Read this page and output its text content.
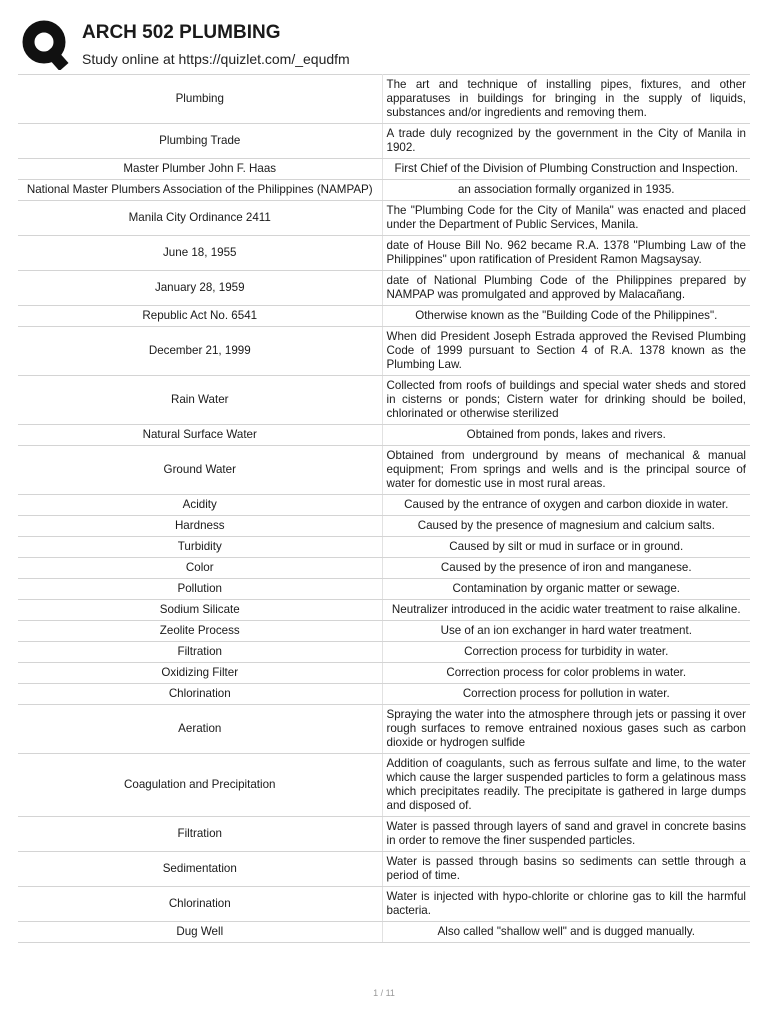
ARCH 502 PLUMBING
Study online at https://quizlet.com/_equdfm
Plumbing	The art and technique of installing pipes, fixtures, and other apparatuses in buildings for bringing in the supply of liquids, substances and/or ingredients and removing them.
Plumbing Trade	A trade duly recognized by the government in the City of Manila in 1902.
Master Plumber John F. Haas	First Chief of the Division of Plumbing Construction and Inspection.
National Master Plumbers Association of the Philippines (NAMPAP)	an association formally organized in 1935.
Manila City Ordinance 2411	The "Plumbing Code for the City of Manila" was enacted and placed under the Department of Public Services, Manila.
June 18, 1955	date of House Bill No. 962 became R.A. 1378 "Plumbing Law of the Philippines" upon ratification of President Ramon Magsaysay.
January 28, 1959	date of National Plumbing Code of the Philippines prepared by NAMPAP was promulgated and approved by Malacañang.
Republic Act No. 6541	Otherwise known as the "Building Code of the Philippines".
December 21, 1999	When did President Joseph Estrada approved the Revised Plumbing Code of 1999 pursuant to Section 4 of R.A. 1378 known as the Plumbing Law.
Rain Water	Collected from roofs of buildings and special water sheds and stored in cisterns or ponds; Cistern water for drinking should be boiled, chlorinated or otherwise sterilized
Natural Surface Water	Obtained from ponds, lakes and rivers.
Ground Water	Obtained from underground by means of mechanical & manual equipment; From springs and wells and is the principal source of water for domestic use in most rural areas.
Acidity	Caused by the entrance of oxygen and carbon dioxide in water.
Hardness	Caused by the presence of magnesium and calcium salts.
Turbidity	Caused by silt or mud in surface or in ground.
Color	Caused by the presence of iron and manganese.
Pollution	Contamination by organic matter or sewage.
Sodium Silicate	Neutralizer introduced in the acidic water treatment to raise alkaline.
Zeolite Process	Use of an ion exchanger in hard water treatment.
Filtration	Correction process for turbidity in water.
Oxidizing Filter	Correction process for color problems in water.
Chlorination	Correction process for pollution in water.
Aeration	Spraying the water into the atmosphere through jets or passing it over rough surfaces to remove entrained noxious gases such as carbon dioxide or hydrogen sulfide
Coagulation and Precipitation	Addition of coagulants, such as ferrous sulfate and lime, to the water which cause the larger suspended particles to form a gelatinous mass which precipitates readily. The precipitate is gathered in large dumps and disposed of.
Filtration	Water is passed through layers of sand and gravel in concrete basins in order to remove the finer suspended particles.
Sedimentation	Water is passed through basins so sediments can settle through a period of time.
Chlorination	Water is injected with hypo-chlorite or chlorine gas to kill the harmful bacteria.
Dug Well	Also called "shallow well" and is dugged manually.
1 / 11
